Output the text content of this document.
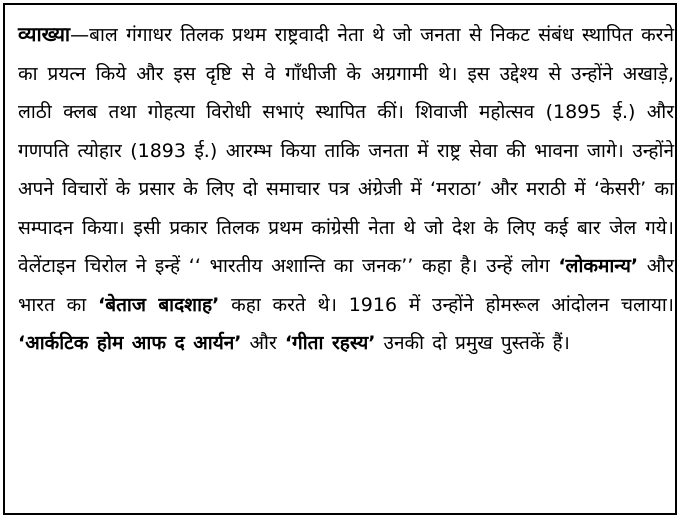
व्याख्या—बाल गंगाधर तिलक प्रथम राष्ट्रवादी नेता थे जो जनता से निकट संबंध स्थापित करने का प्रयत्न किये और इस दृष्टि से वे गाँधीजी के अग्रगामी थे। इस उद्देश्य से उन्होंने अखाड़े, लाठी क्लब तथा गोहत्या विरोधी सभाएं स्थापित कीं। शिवाजी महोत्सव (1895 ई.) और गणपति त्योहार (1893 ई.) आरम्भ किया ताकि जनता में राष्ट्र सेवा की भावना जागे। उन्होंने अपने विचारों के प्रसार के लिए दो समाचार पत्र अंग्रेजी में ‘मराठा’ और मराठी में ‘केसरी’ का सम्पादन किया। इसी प्रकार तिलक प्रथम कांग्रेसी नेता थे जो देश के लिए कई बार जेल गये। वेलेंटाइन चिरोल ने इन्हें ‘‘ भारतीय अशान्ति का जनक’’ कहा है। उन्हें लोग ‘लोकमान्य’ और भारत का ‘बेताज बादशाह’ कहा करते थे। 1916 में उन्होंने होमरूल आंदोलन चलाया। ‘आर्कटिक होम आफ द आर्यन’ और ‘गीता रहस्य’ उनकी दो प्रमुख पुस्तकें हैं।
